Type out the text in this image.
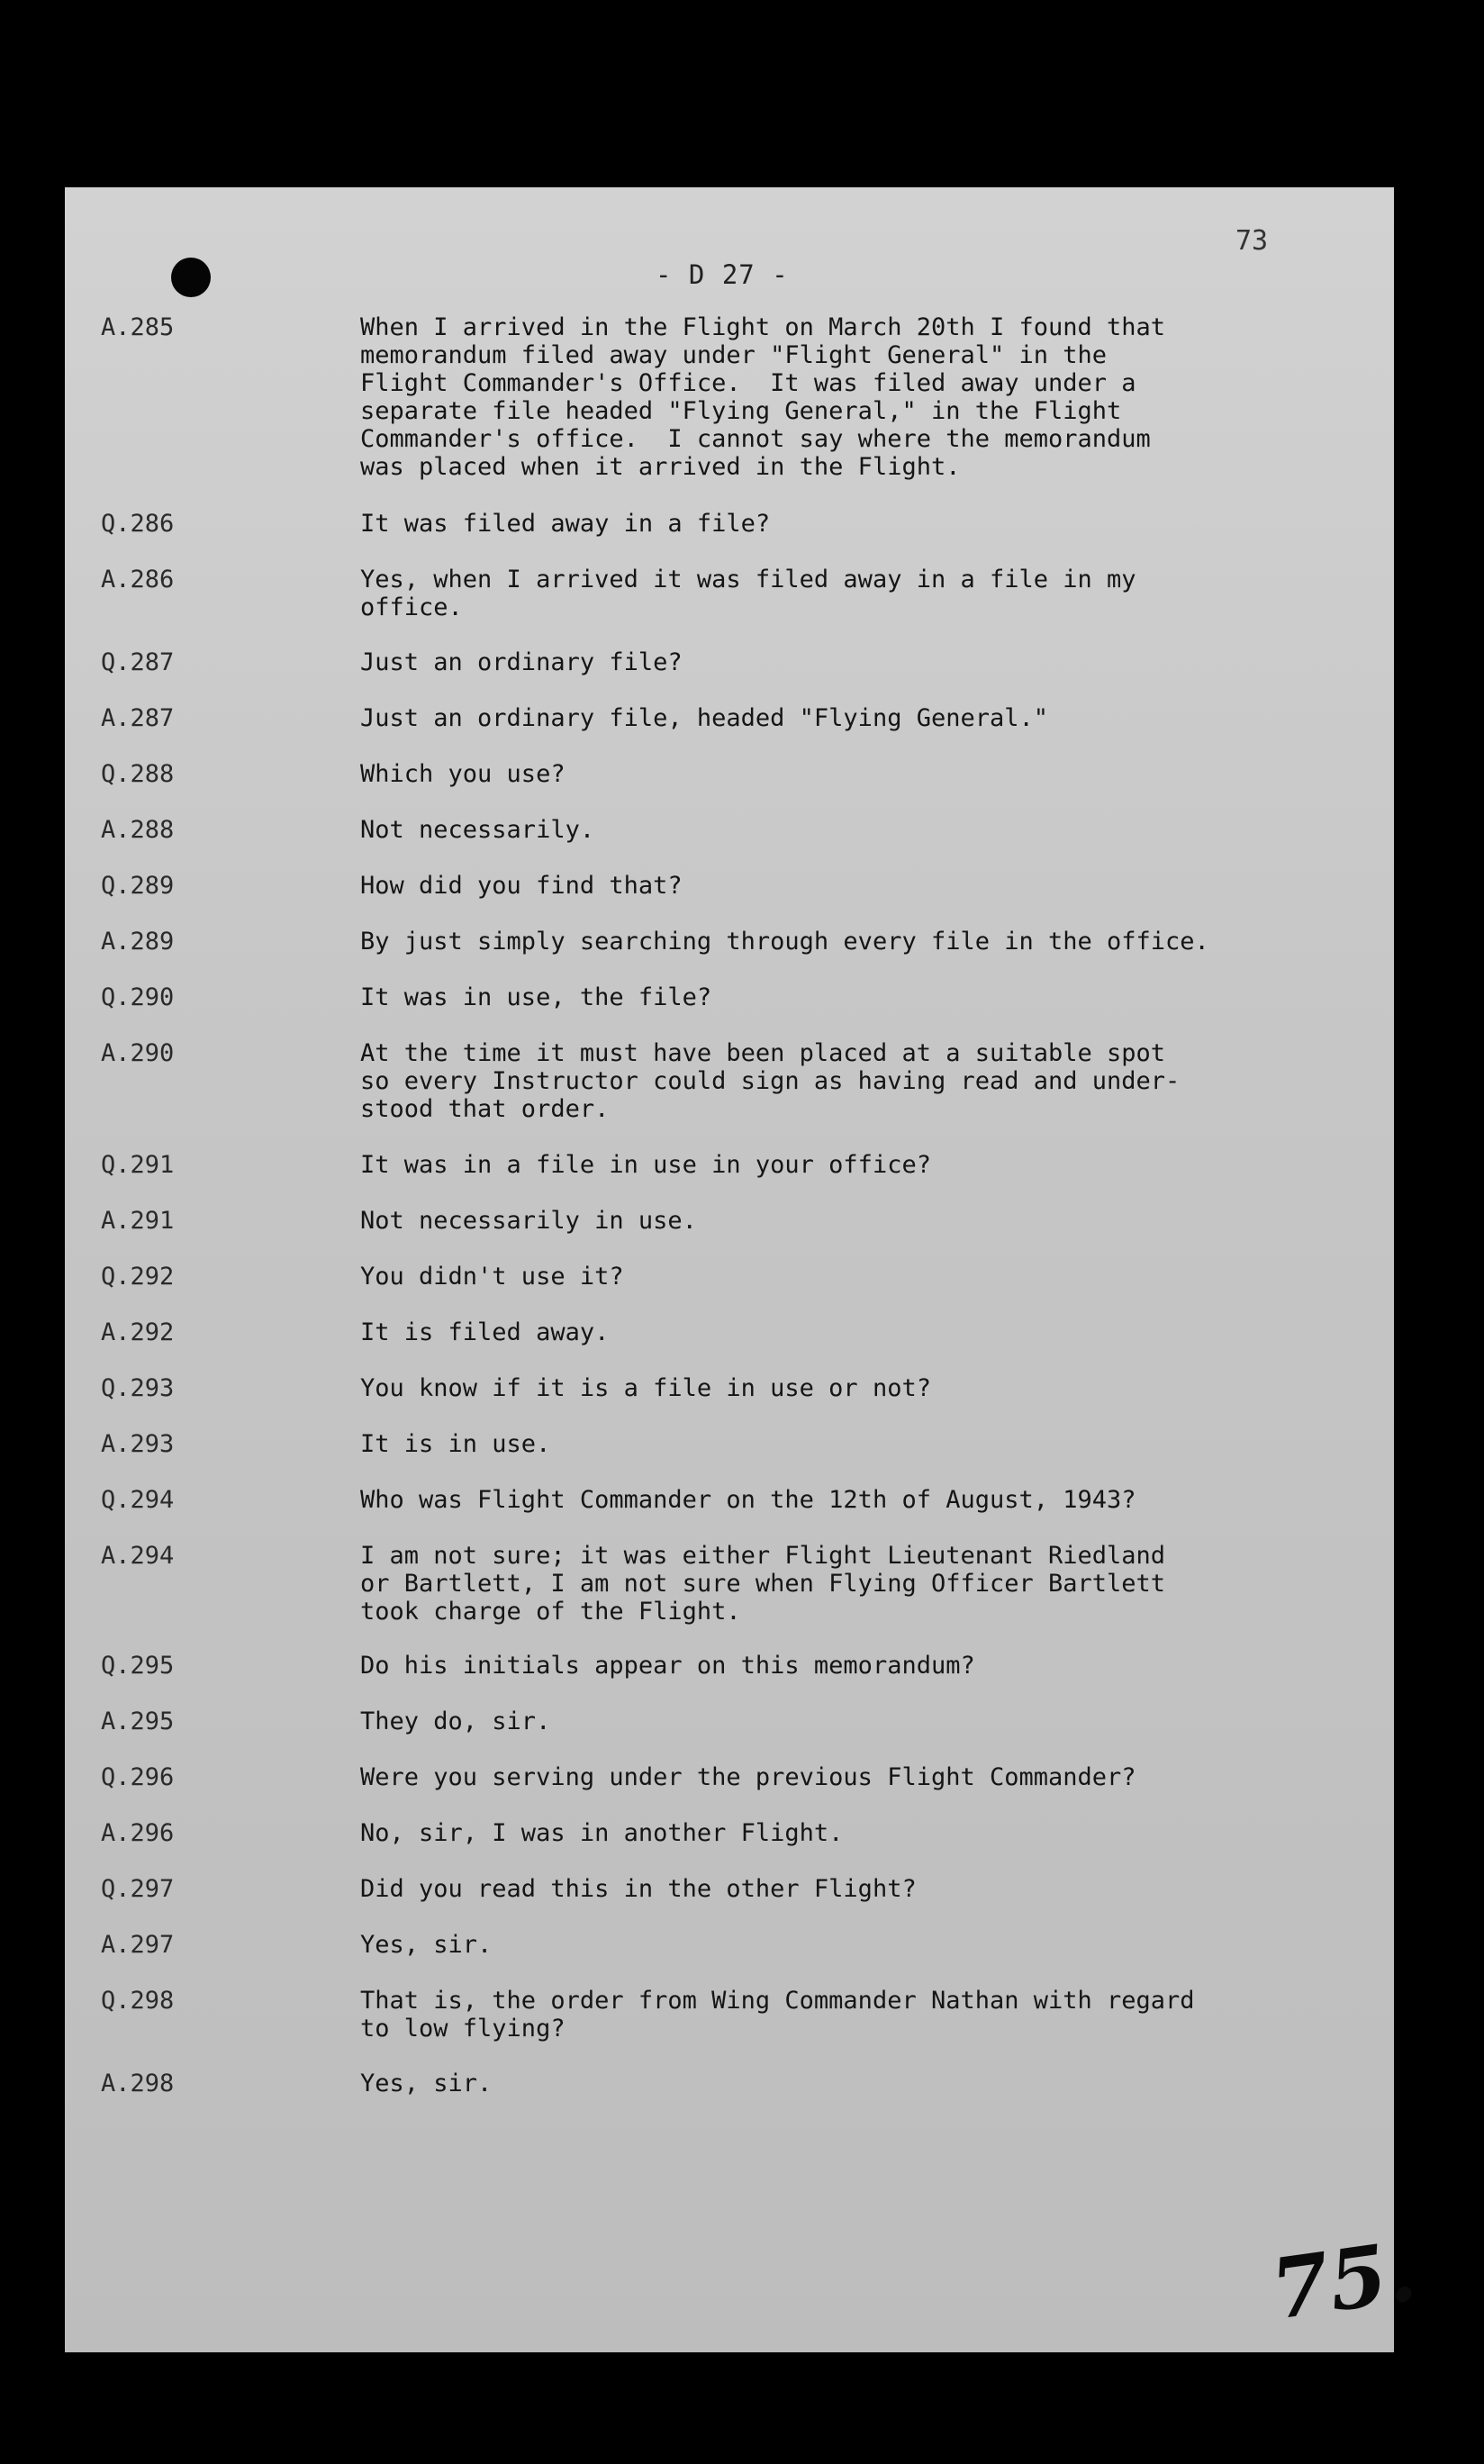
73
- D 27 -
A.285	When I arrived in the Flight on March 20th I found that
memorandum filed away under "Flight General" in the
Flight Commander's Office.  It was filed away under a
separate file headed "Flying General," in the Flight
Commander's office.  I cannot say where the memorandum
was placed when it arrived in the Flight.
Q.286	It was filed away in a file?
A.286	Yes, when I arrived it was filed away in a file in my
office.
Q.287	Just an ordinary file?
A.287	Just an ordinary file, headed "Flying General."
Q.288	Which you use?
A.288	Not necessarily.
Q.289	How did you find that?
A.289	By just simply searching through every file in the office.
Q.290	It was in use, the file?
A.290	At the time it must have been placed at a suitable spot
so every Instructor could sign as having read and under-
stood that order.
Q.291	It was in a file in use in your office?
A.291	Not necessarily in use.
Q.292	You didn't use it?
A.292	It is filed away.
Q.293	You know if it is a file in use or not?
A.293	It is in use.
Q.294	Who was Flight Commander on the 12th of August, 1943?
A.294	I am not sure; it was either Flight Lieutenant Riedland
or Bartlett, I am not sure when Flying Officer Bartlett
took charge of the Flight.
Q.295	Do his initials appear on this memorandum?
A.295	They do, sir.
Q.296	Were you serving under the previous Flight Commander?
A.296	No, sir, I was in another Flight.
Q.297	Did you read this in the other Flight?
A.297	Yes, sir.
Q.298	That is, the order from Wing Commander Nathan with regard
to low flying?
A.298	Yes, sir.
75.
